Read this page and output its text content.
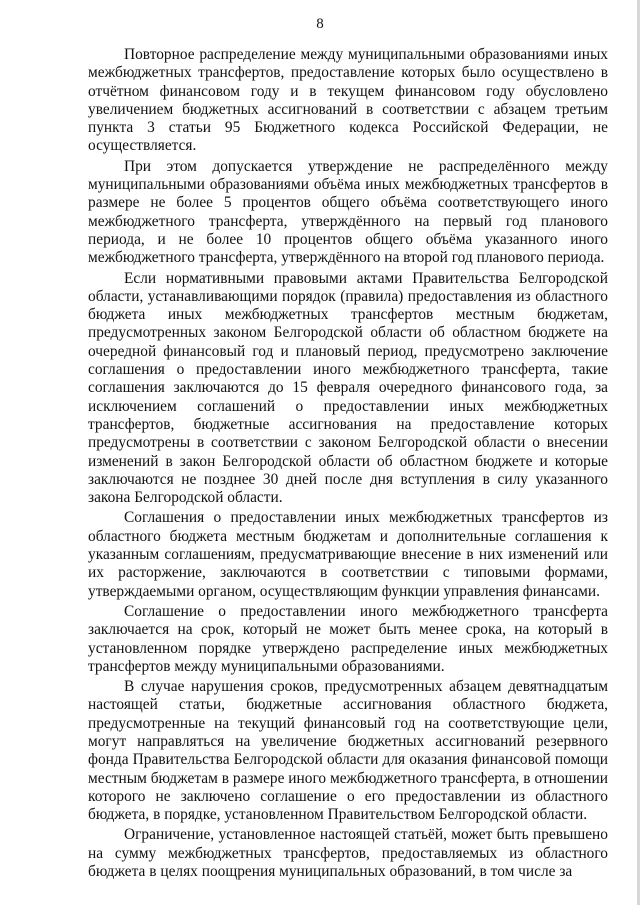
8

Повторное распределение между муниципальными образованиями иных межбюджетных трансфертов, предоставление которых было осуществлено в отчётном финансовом году и в текущем финансовом году обусловлено увеличением бюджетных ассигнований в соответствии с абзацем третьим пункта 3 статьи 95 Бюджетного кодекса Российской Федерации, не осуществляется.

При этом допускается утверждение не распределённого между муниципальными образованиями объёма иных межбюджетных трансфертов в размере не более 5 процентов общего объёма соответствующего иного межбюджетного трансферта, утверждённого на первый год планового периода, и не более 10 процентов общего объёма указанного иного межбюджетного трансферта, утверждённого на второй год планового периода.

Если нормативными правовыми актами Правительства Белгородской области, устанавливающими порядок (правила) предоставления из областного бюджета иных межбюджетных трансфертов местным бюджетам, предусмотренных законом Белгородской области об областном бюджете на очередной финансовый год и плановый период, предусмотрено заключение соглашения о предоставлении иного межбюджетного трансферта, такие соглашения заключаются до 15 февраля очередного финансового года, за исключением соглашений о предоставлении иных межбюджетных трансфертов, бюджетные ассигнования на предоставление которых предусмотрены в соответствии с законом Белгородской области о внесении изменений в закон Белгородской области об областном бюджете и которые заключаются не позднее 30 дней после дня вступления в силу указанного закона Белгородской области.

Соглашения о предоставлении иных межбюджетных трансфертов из областного бюджета местным бюджетам и дополнительные соглашения к указанным соглашениям, предусматривающие внесение в них изменений или их расторжение, заключаются в соответствии с типовыми формами, утверждаемыми органом, осуществляющим функции управления финансами.

Соглашение о предоставлении иного межбюджетного трансферта заключается на срок, который не может быть менее срока, на который в установленном порядке утверждено распределение иных межбюджетных трансфертов между муниципальными образованиями.

В случае нарушения сроков, предусмотренных абзацем девятнадцатым настоящей статьи, бюджетные ассигнования областного бюджета, предусмотренные на текущий финансовый год на соответствующие цели, могут направляться на увеличение бюджетных ассигнований резервного фонда Правительства Белгородской области для оказания финансовой помощи местным бюджетам в размере иного межбюджетного трансферта, в отношении которого не заключено соглашение о его предоставлении из областного бюджета, в порядке, установленном Правительством Белгородской области.

Ограничение, установленное настоящей статьёй, может быть превышено на сумму межбюджетных трансфертов, предоставляемых из областного бюджета в целях поощрения муниципальных образований, в том числе за
